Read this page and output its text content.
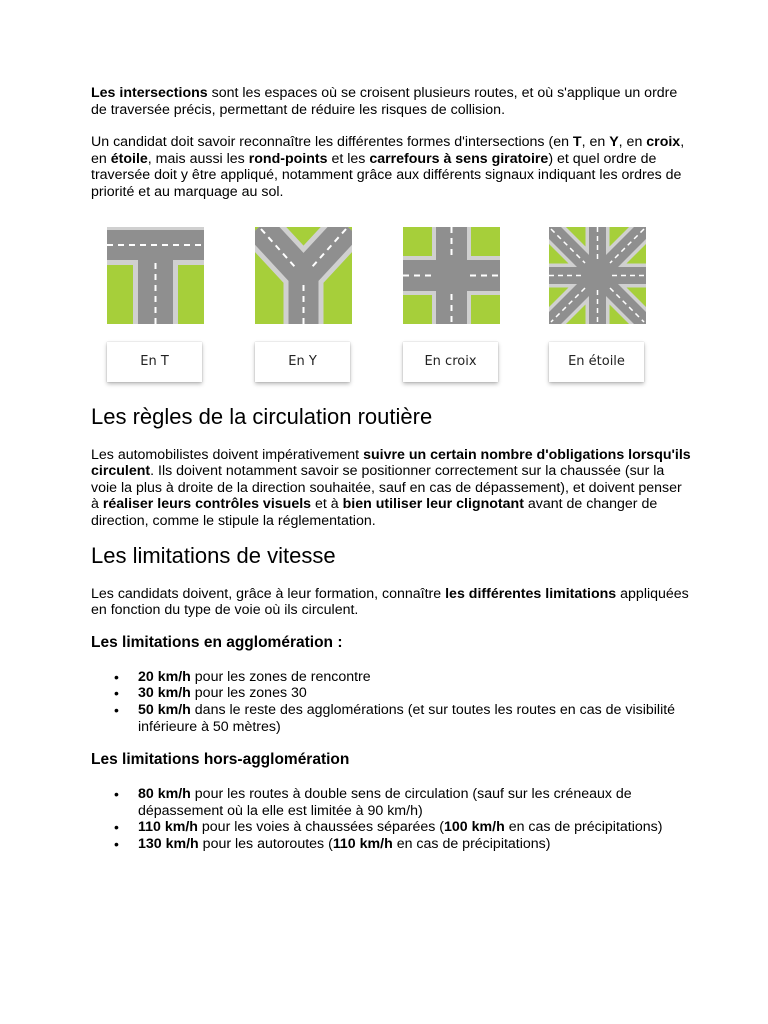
Les intersections sont les espaces où se croisent plusieurs routes, et où s'applique un ordre de traversée précis, permettant de réduire les risques de collision.

Un candidat doit savoir reconnaître les différentes formes d'intersections (en T, en Y, en croix, en étoile, mais aussi les rond-points et les carrefours à sens giratoire) et quel ordre de traversée doit y être appliqué, notamment grâce aux différents signaux indiquant les ordres de priorité et au marquage au sol.

En T	En Y	En croix	En étoile
Les règles de la circulation routière

Les automobilistes doivent impérativement suivre un certain nombre d'obligations lorsqu'ils circulent. Ils doivent notamment savoir se positionner correctement sur la chaussée (sur la voie la plus à droite de la direction souhaitée, sauf en cas de dépassement), et doivent penser à réaliser leurs contrôles visuels et à bien utiliser leur clignotant avant de changer de direction, comme le stipule la réglementation.

Les limitations de vitesse

Les candidats doivent, grâce à leur formation, connaître les différentes limitations appliquées en fonction du type de voie où ils circulent.

Les limitations en agglomération :
• 20 km/h pour les zones de rencontre
• 30 km/h pour les zones 30
• 50 km/h dans le reste des agglomérations (et sur toutes les routes en cas de visibilité inférieure à 50 mètres)
Les limitations hors-agglomération
• 80 km/h pour les routes à double sens de circulation (sauf sur les créneaux de dépassement où la elle est limitée à 90 km/h)
• 110 km/h pour les voies à chaussées séparées (100 km/h en cas de précipitations)
• 130 km/h pour les autoroutes (110 km/h en cas de précipitations)
